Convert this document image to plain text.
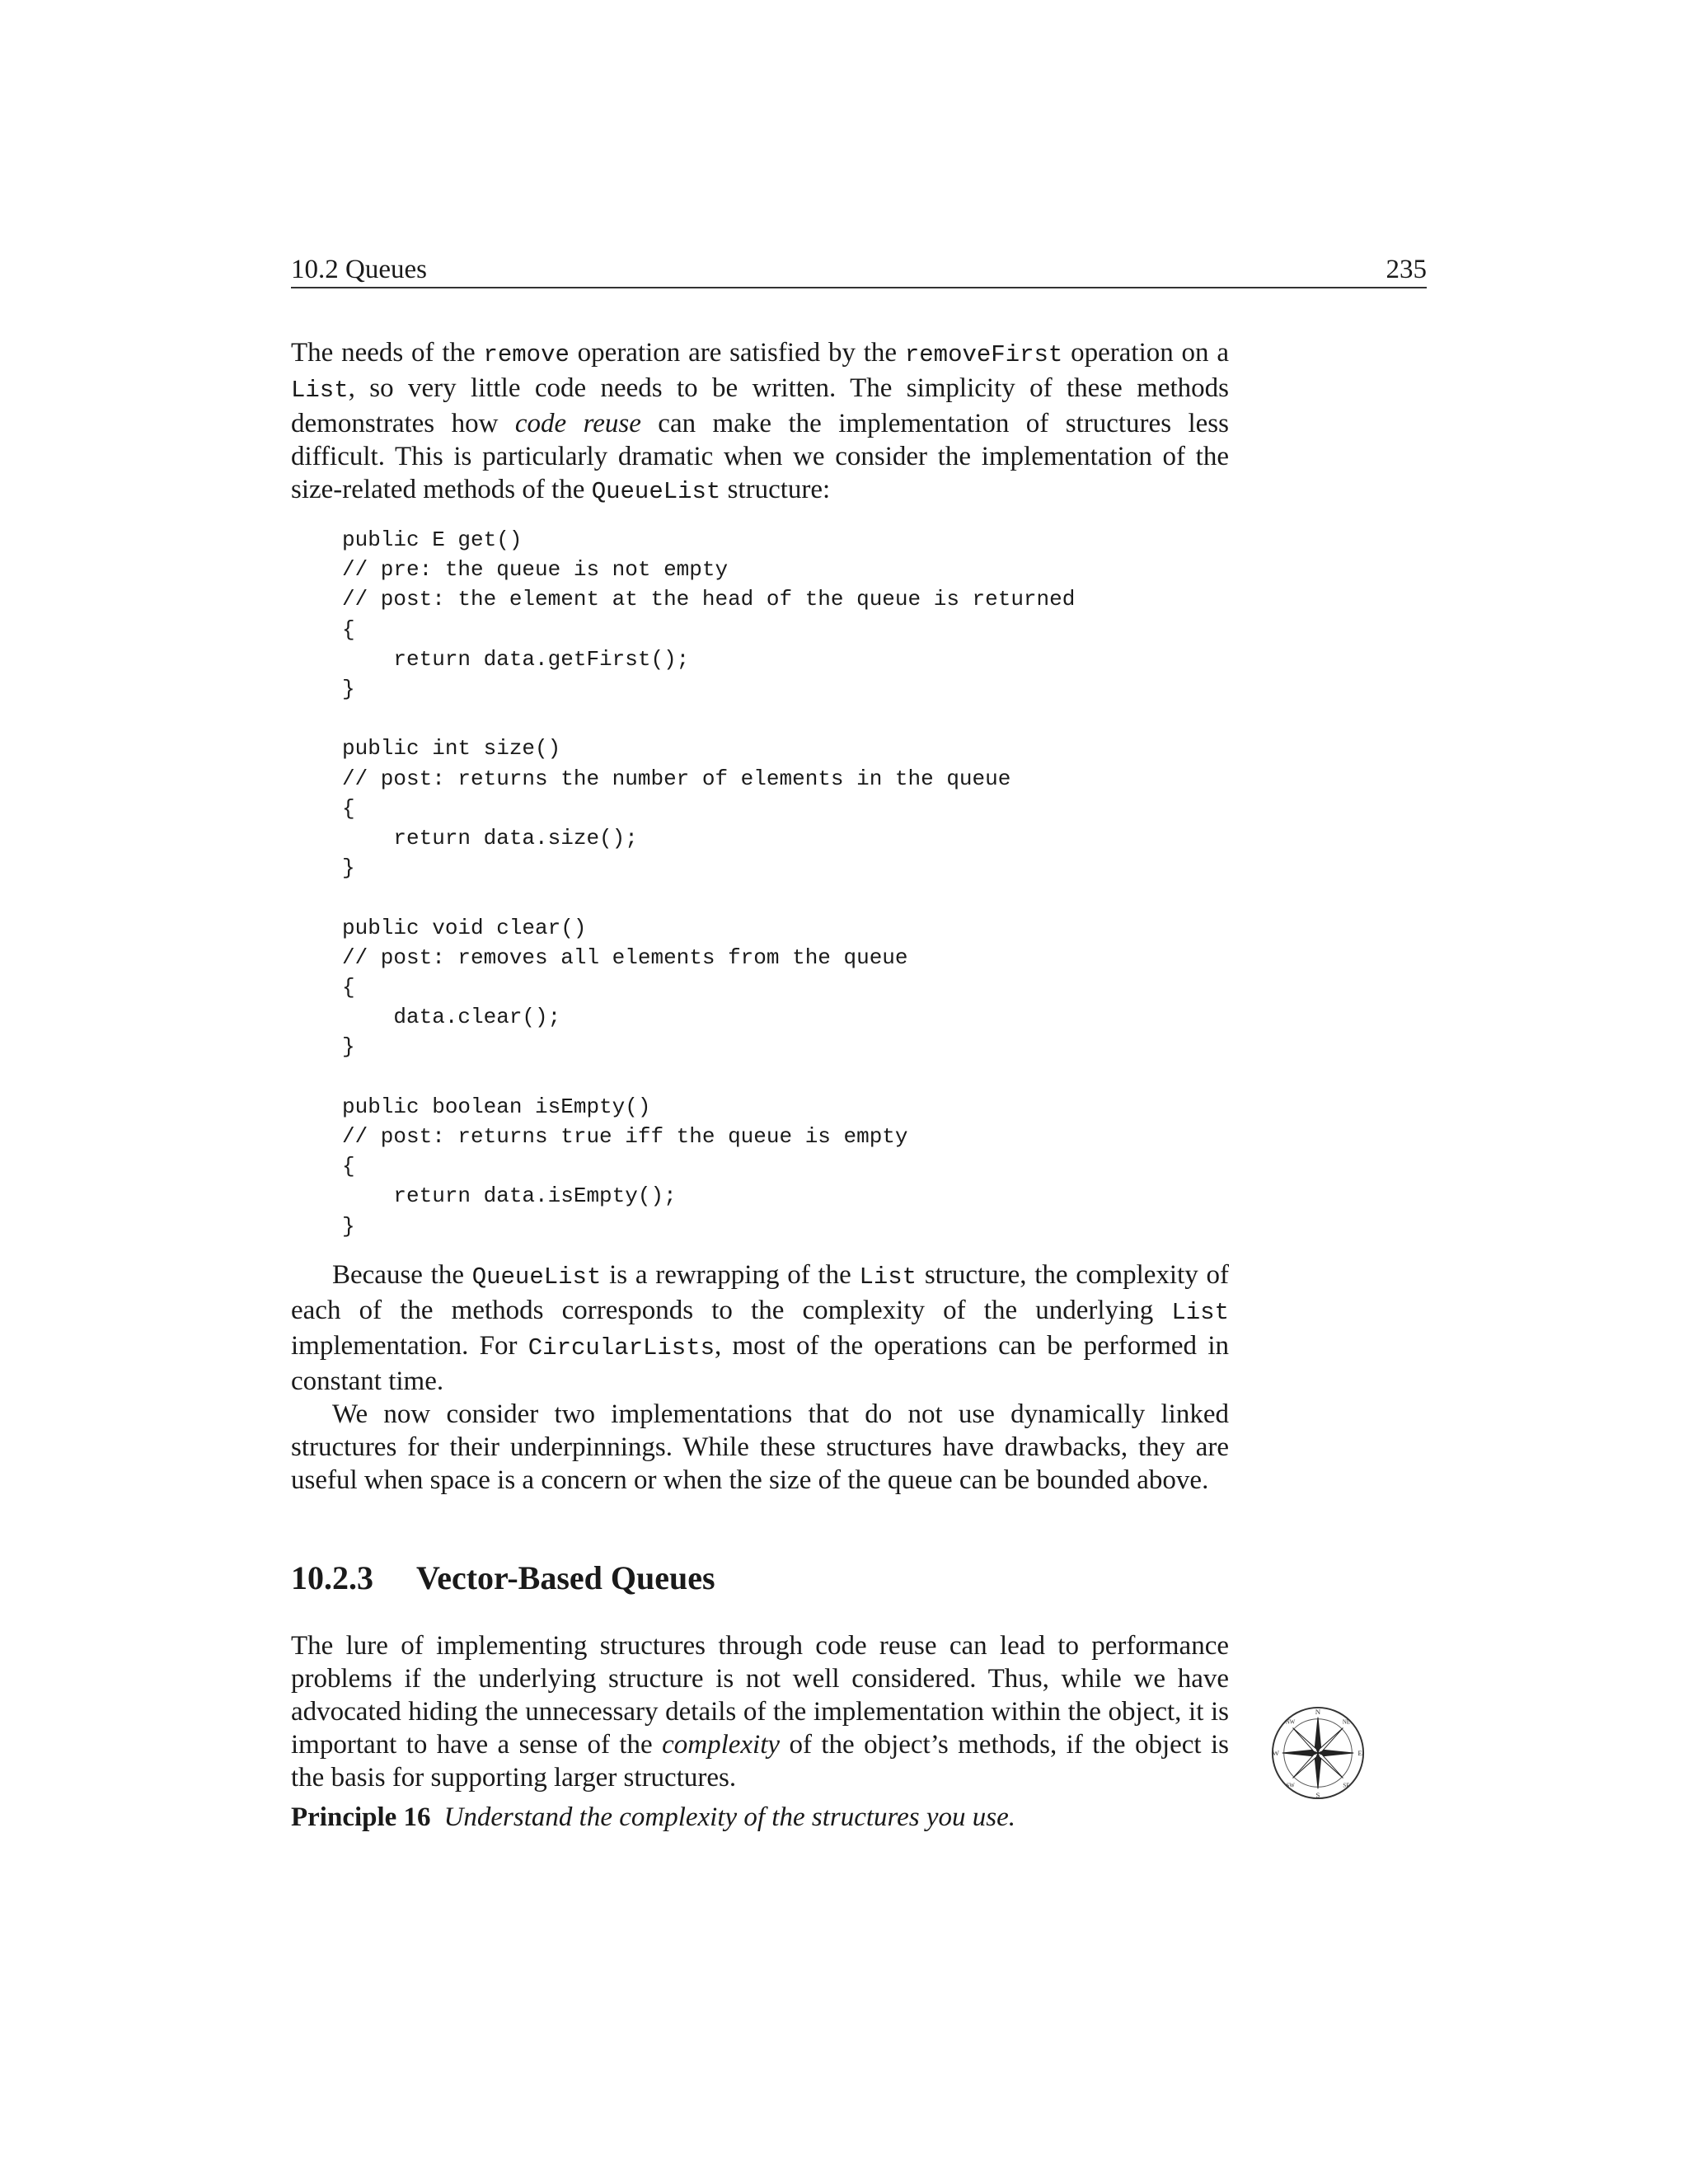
10.2 Queues	235

The needs of the remove operation are satisfied by the removeFirst operation on a List, so very little code needs to be written. The simplicity of these methods demonstrates how code reuse can make the implementation of structures less difficult. This is particularly dramatic when we consider the implementation of the size-related methods of the QueueList structure:

public E get()
// pre: the queue is not empty
// post: the element at the head of the queue is returned
{
return data.getFirst();
}

public int size()
// post: returns the number of elements in the queue
{
return data.size();
}

public void clear()
// post: removes all elements from the queue
{
data.clear();
}

public boolean isEmpty()
// post: returns true iff the queue is empty
{
return data.isEmpty();
}

Because the QueueList is a rewrapping of the List structure, the complexity of each of the methods corresponds to the complexity of the underlying List implementation. For CircularLists, most of the operations can be performed in constant time.

We now consider two implementations that do not use dynamically linked structures for their underpinnings. While these structures have drawbacks, they are useful when space is a concern or when the size of the queue can be bounded above.

10.2.3 Vector-Based Queues

The lure of implementing structures through code reuse can lead to performance problems if the underlying structure is not well considered. Thus, while we have advocated hiding the unnecessary details of the implementation within the object, it is important to have a sense of the complexity of the object’s methods, if the object is the basis for supporting larger structures.

Principle 16 Understand the complexity of the structures you use.
N
S
E
W
NW	NE
SW	SE
